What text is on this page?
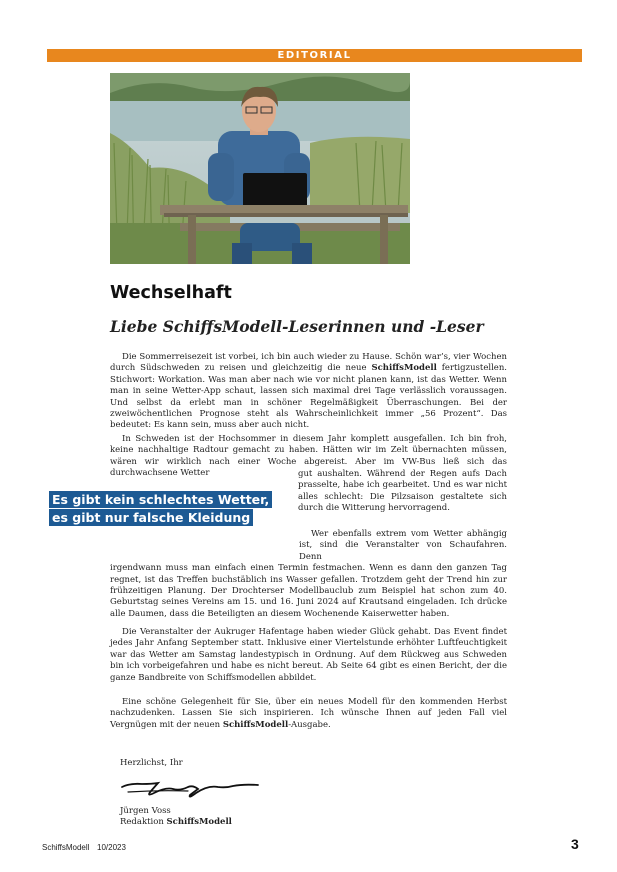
EDITORIAL
Wechselhaft
Liebe SchiffsModell-Leserinnen und -Leser

Die Sommerreisezeit ist vorbei, ich bin auch wieder zu Hause. Schön war’s, vier Wochen durch Südschweden zu reisen und gleichzeitig die neue SchiffsModell fertigzustellen. Stichwort: Workation. Was man aber nach wie vor nicht planen kann, ist das Wetter. Wenn man in seine Wetter-App schaut, lassen sich maximal drei Tage verlässlich voraussagen. Und selbst da erlebt man in schöner Regelmäßigkeit Überraschungen. Bei der zweiwöchentlichen Prognose steht als Wahrscheinlichkeit immer „56 Prozent“. Das bedeutet: Es kann sein, muss aber auch nicht.

In Schweden ist der Hochsommer in diesem Jahr komplett ausgefallen. Ich bin froh, keine nachhaltige Radtour gemacht zu haben. Hätten wir im Zelt übernachten müssen, wären wir wirklich nach einer Woche abgereist. Aber im VW-Bus ließ sich das durchwachsene Wetter	gut aushalten. Während der Regen aufs Dach prasselte, habe ich gearbeitet. Und es war nicht alles schlecht: Die Pilzsaison gestaltete sich durch die Witterung hervorragend.

Es gibt kein schlechtes Wetter,
es gibt nur falsche Kleidung

Wer ebenfalls extrem vom Wetter abhängig ist, sind die Veranstalter von Schaufahren. Denn

irgendwann muss man einfach einen Termin festmachen. Wenn es dann den ganzen Tag regnet, ist das Treffen buchstäblich ins Wasser gefallen. Trotzdem geht der Trend hin zur frühzeitigen Planung. Der Drochterser Modellbauclub zum Beispiel hat schon zum 40. Geburtstag seines Vereins am 15. und 16. Juni 2024 auf Krautsand eingeladen. Ich drücke alle Daumen, dass die Beteiligten an diesem Wochenende Kaiserwetter haben.

Die Veranstalter der Aukruger Hafentage haben wieder Glück gehabt. Das Event findet jedes Jahr Anfang September statt. Inklusive einer Viertelstunde erhöhter Luftfeuchtigkeit war das Wetter am Samstag landestypisch in Ordnung. Auf dem Rückweg aus Schweden bin ich vorbeigefahren und habe es nicht bereut. Ab Seite 64 gibt es einen Bericht, der die ganze Bandbreite von Schiffsmodellen abbildet.

Eine schöne Gelegenheit für Sie, über ein neues Modell für den kommenden Herbst nachzudenken. Lassen Sie sich inspirieren. Ich wünsche Ihnen auf jeden Fall viel Vergnügen mit der neuen SchiffsModell-Ausgabe.

Herzlichst, Ihr

Jürgen Voss

Redaktion SchiffsModell

SchiffsModell 10/2023	3
